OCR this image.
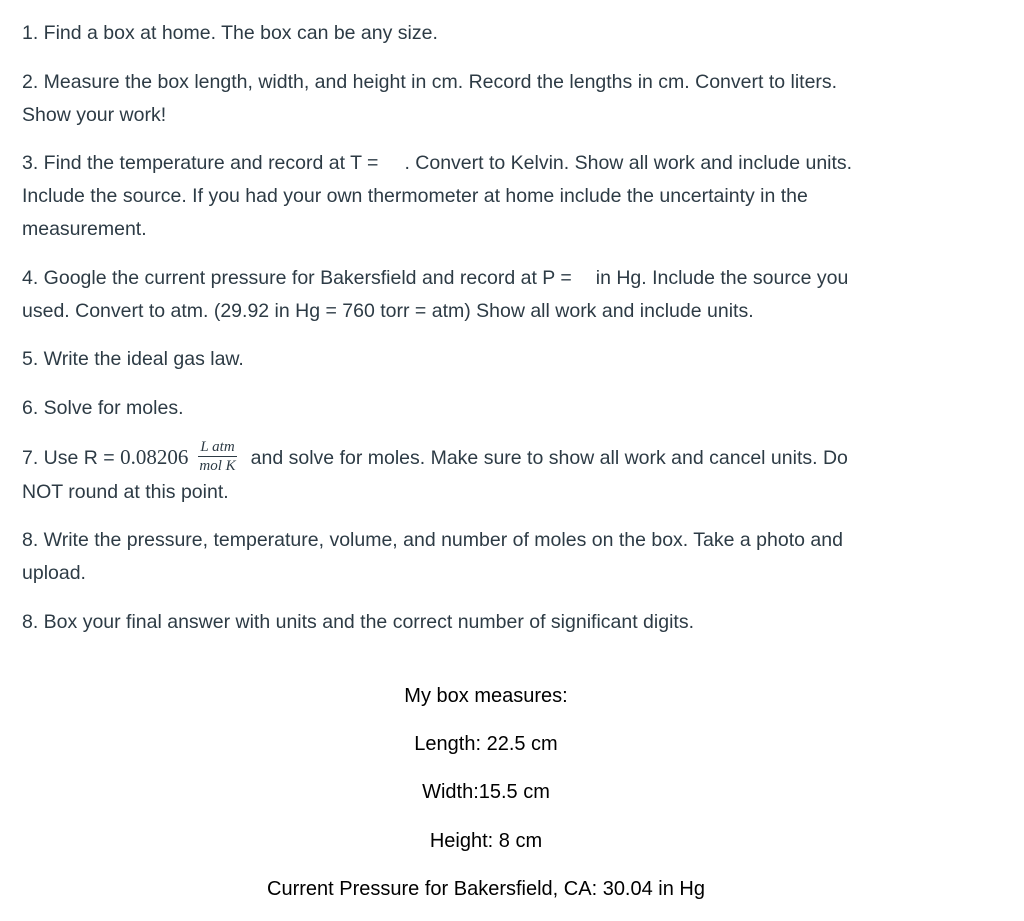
1. Find a box at home. The box can be any size.

2. Measure the box length, width, and height in cm. Record the lengths in cm. Convert to liters.
Show your work!

3. Find the temperature and record at T = . Convert to Kelvin. Show all work and include units.
Include the source. If you had your own thermometer at home include the uncertainty in the
measurement.

4. Google the current pressure for Bakersfield and record at P = in Hg. Include the source you
used. Convert to atm. (29.92 in Hg = 760 torr = atm) Show all work and include units.

5. Write the ideal gas law.

6. Solve for moles.

7. Use $R = 0.08206 \frac{\text{L atm}}{\text{mol K}}$ and solve for moles. Make sure to show all work and cancel units. Do
NOT round at this point.

8. Write the pressure, temperature, volume, and number of moles on the box. Take a photo and
upload.

8. Box your final answer with units and the correct number of significant digits.

My box measures:

Length: 22.5 cm

Width:15.5 cm

Height: 8 cm

Current Pressure for Bakersfield, CA: 30.04 in Hg
